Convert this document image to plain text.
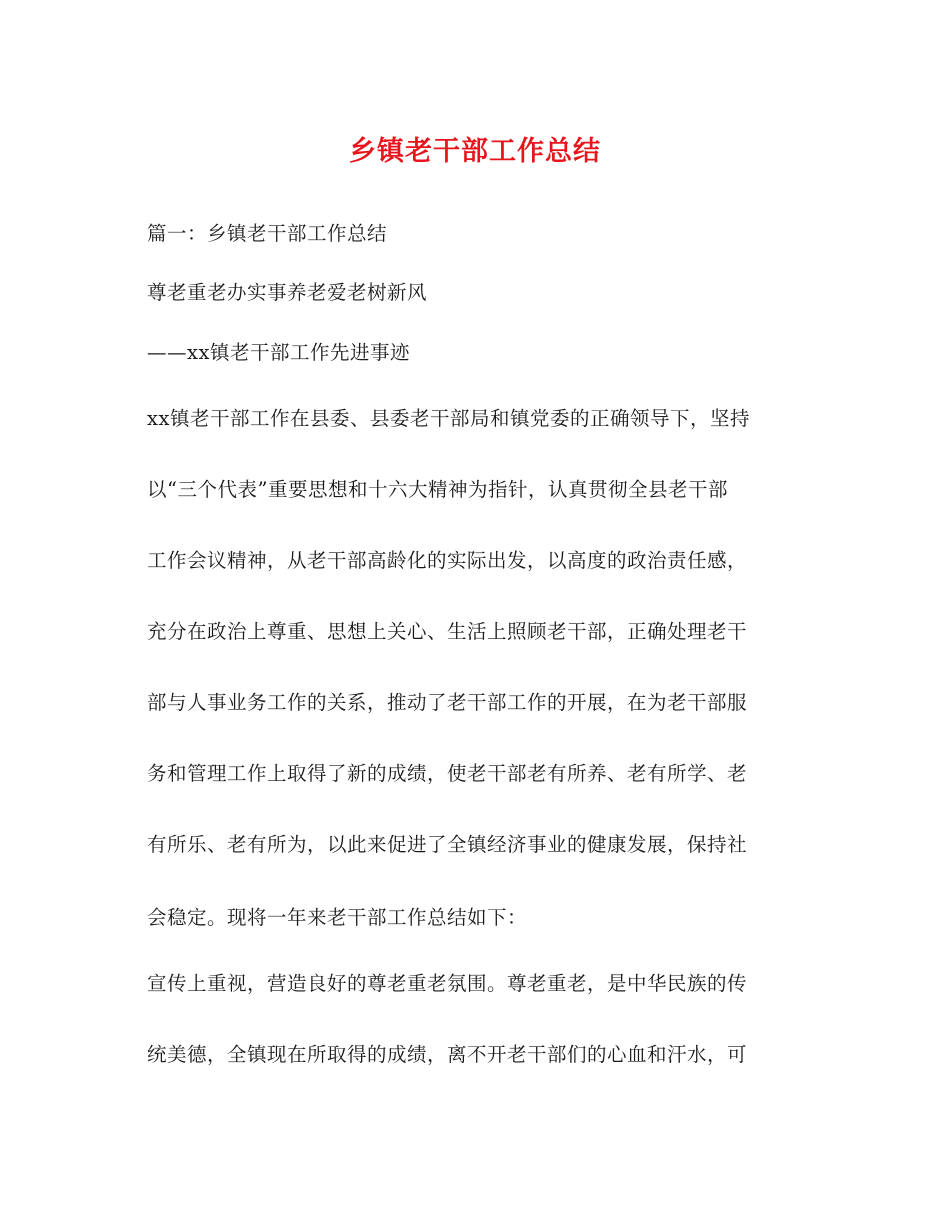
乡镇老干部工作总结
篇一：乡镇老干部工作总结
尊老重老办实事养老爱老树新风
——xx镇老干部工作先进事迹
xx镇老干部工作在县委、县委老干部局和镇党委的正确领导下，坚持
以“三个代表”重要思想和十六大精神为指针，认真贯彻全县老干部
工作会议精神，从老干部高龄化的实际出发，以高度的政治责任感，
充分在政治上尊重、思想上关心、生活上照顾老干部，正确处理老干
部与人事业务工作的关系，推动了老干部工作的开展，在为老干部服
务和管理工作上取得了新的成绩，使老干部老有所养、老有所学、老
有所乐、老有所为，以此来促进了全镇经济事业的健康发展，保持社
会稳定。现将一年来老干部工作总结如下：
宣传上重视，营造良好的尊老重老氛围。尊老重老，是中华民族的传
统美德，全镇现在所取得的成绩，离不开老干部们的心血和汗水，可
